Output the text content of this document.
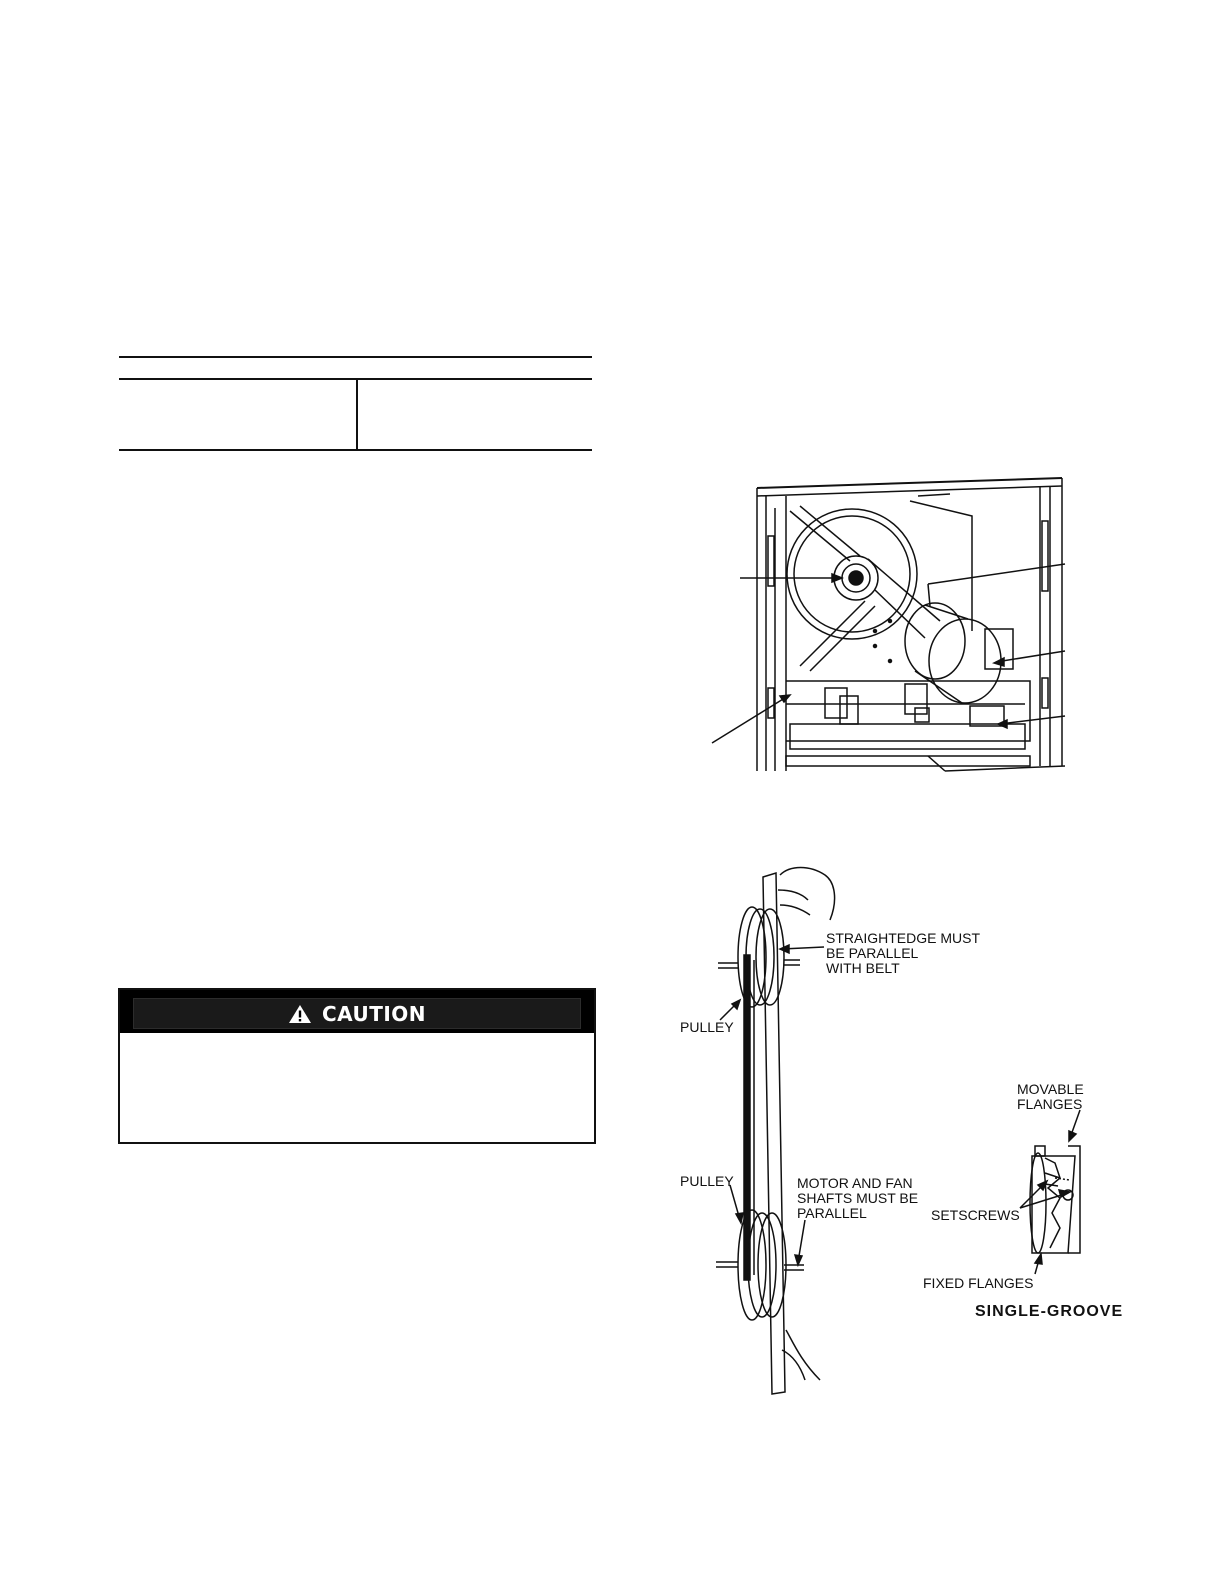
CAUTION
STRAIGHTEDGE MUST
BE PARALLEL
WITH BELT
PULLEY
PULLEY	MOTOR AND FAN
SHAFTS MUST BE
PARALLEL
MOVABLE
FLANGES
SETSCREWS
FIXED FLANGES
SINGLE-GROOVE
